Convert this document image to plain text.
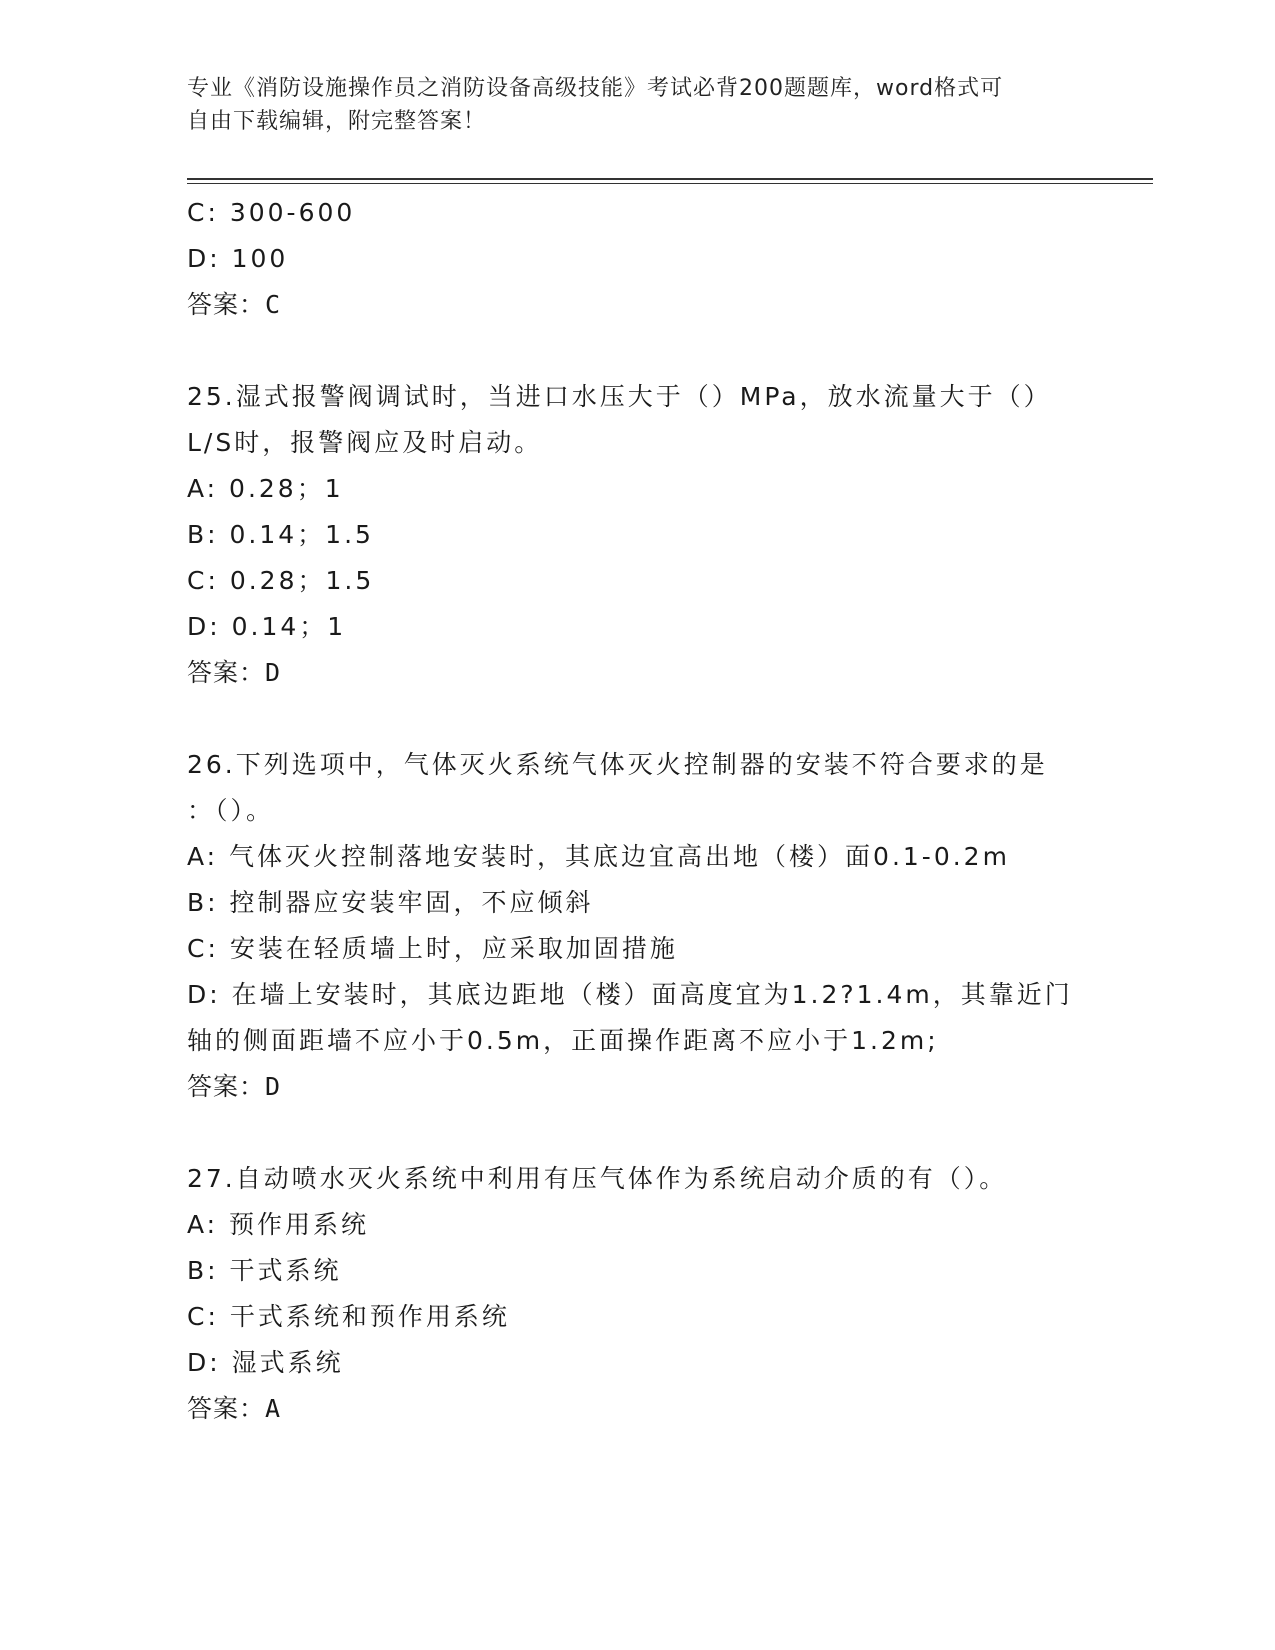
专业《消防设施操作员之消防设备高级技能》考试必背200题题库，word格式可
自由下载编辑，附完整答案！
C: 300-600
D: 100
答案：C
25.湿式报警阀调试时，当进口水压大于（）MPa，放水流量大于（）
L/S时，报警阀应及时启动。
A: 0.28；1
B: 0.14；1.5
C: 0.28；1.5
D: 0.14；1
答案：D
26.下列选项中，气体灭火系统气体灭火控制器的安装不符合要求的是
：（）。
A: 气体灭火控制落地安装时，其底边宜高出地（楼）面0.1-0.2m
B: 控制器应安装牢固，不应倾斜
C: 安装在轻质墙上时，应采取加固措施
D: 在墙上安装时，其底边距地（楼）面高度宜为1.2?1.4m，其靠近门
轴的侧面距墙不应小于0.5m，正面操作距离不应小于1.2m;
答案：D
27.自动喷水灭火系统中利用有压气体作为系统启动介质的有（）。
A: 预作用系统
B: 干式系统
C: 干式系统和预作用系统
D: 湿式系统
答案：A
